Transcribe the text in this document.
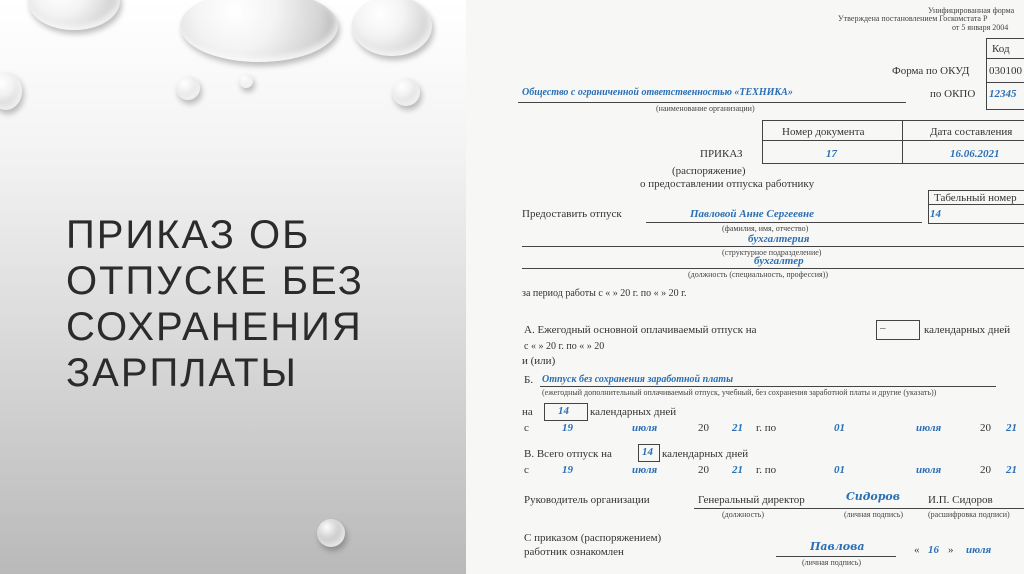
ПРИКАЗ ОБ
ОТПУСКЕ БЕЗ
СОХРАНЕНИЯ
ЗАРПЛАТЫ
Унифицированная форма
Утверждена постановлением Госкомстата Р
от 5 января 2004
Код
Форма по ОКУД 030100
по ОКПО 12345
Общество с ограниченной ответственностью «ТЕХНИКА»
(наименование организации)
Номер документа	Дата составления
ПРИКАЗ	17	16.06.2021
(распоряжение)
о предоставлении отпуска работнику
Табельный номер
14
Предоставить отпуск	Павловой Анне Сергеевне
(фамилия, имя, отчество)
бухгалтерия
(структурное подразделение)
бухгалтер
(должность (специальность, профессия))
за период работы с « » 20 г. по « » 20 г.
А. Ежегодный основной оплачиваемый отпуск на	–	календарных дней
с « » 20 г. по « » 20
и (или)
Б. Отпуск без сохранения заработной платы
(ежегодный дополнительный оплачиваемый отпуск, учебный, без сохранения заработной платы и другие (указать))
на 14 календарных дней
с	19	июля	20 21 г. по	01	июля	20 21
В. Всего отпуск на	14 календарных дней
с	19	июля	20 21 г. по	01	июля	20 21
Руководитель организации	Генеральный директор	Сидоров	И.П. Сидоров
(должность)	(личная подпись)	(расшифровка подписи)
С приказом (распоряжением)
работник ознакомлен	Павлова
(личная подпись)
« 16 » июля
